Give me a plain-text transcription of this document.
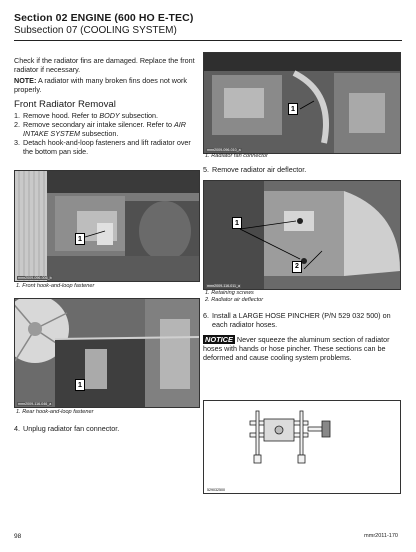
Section 02 ENGINE (600 HO E-TEC)
Subsection 07 (COOLING SYSTEM)

Check if the radiator fins are damaged. Replace the front radiator if necessary.

NOTE: A radiator with many broken fins does not work properly.

Front Radiator Removal

1. Remove hood. Refer to BODY subsection.
2. Remove secondary air intake silencer. Refer to AIR INTAKE SYSTEM subsection.
3. Detach hook-and-loop fasteners and lift radiator over the bottom pan side.
1
mmr2009-096-006_b
1. Front hook-and-loop fastener
1
mmr2009-116-046_a
1. Rear hook-and-loop fastener
4. Unplug radiator fan connector.
1
mmr2009-096-010_a
1. Radiator fan connector
5. Remove radiator air deflector.
1
2
mmr2009-116-011_a
1. Retaining screws
2. Radiator air deflector
6. Install a LARGE HOSE PINCHER (P/N 529 032 500) on each radiator hoses.

NOTICE Never squeeze the aluminum section of radiator hoses with hands or hose pincher. These sections can be deformed and cause cooling system problems.

529032500
98	mmr2011-170
